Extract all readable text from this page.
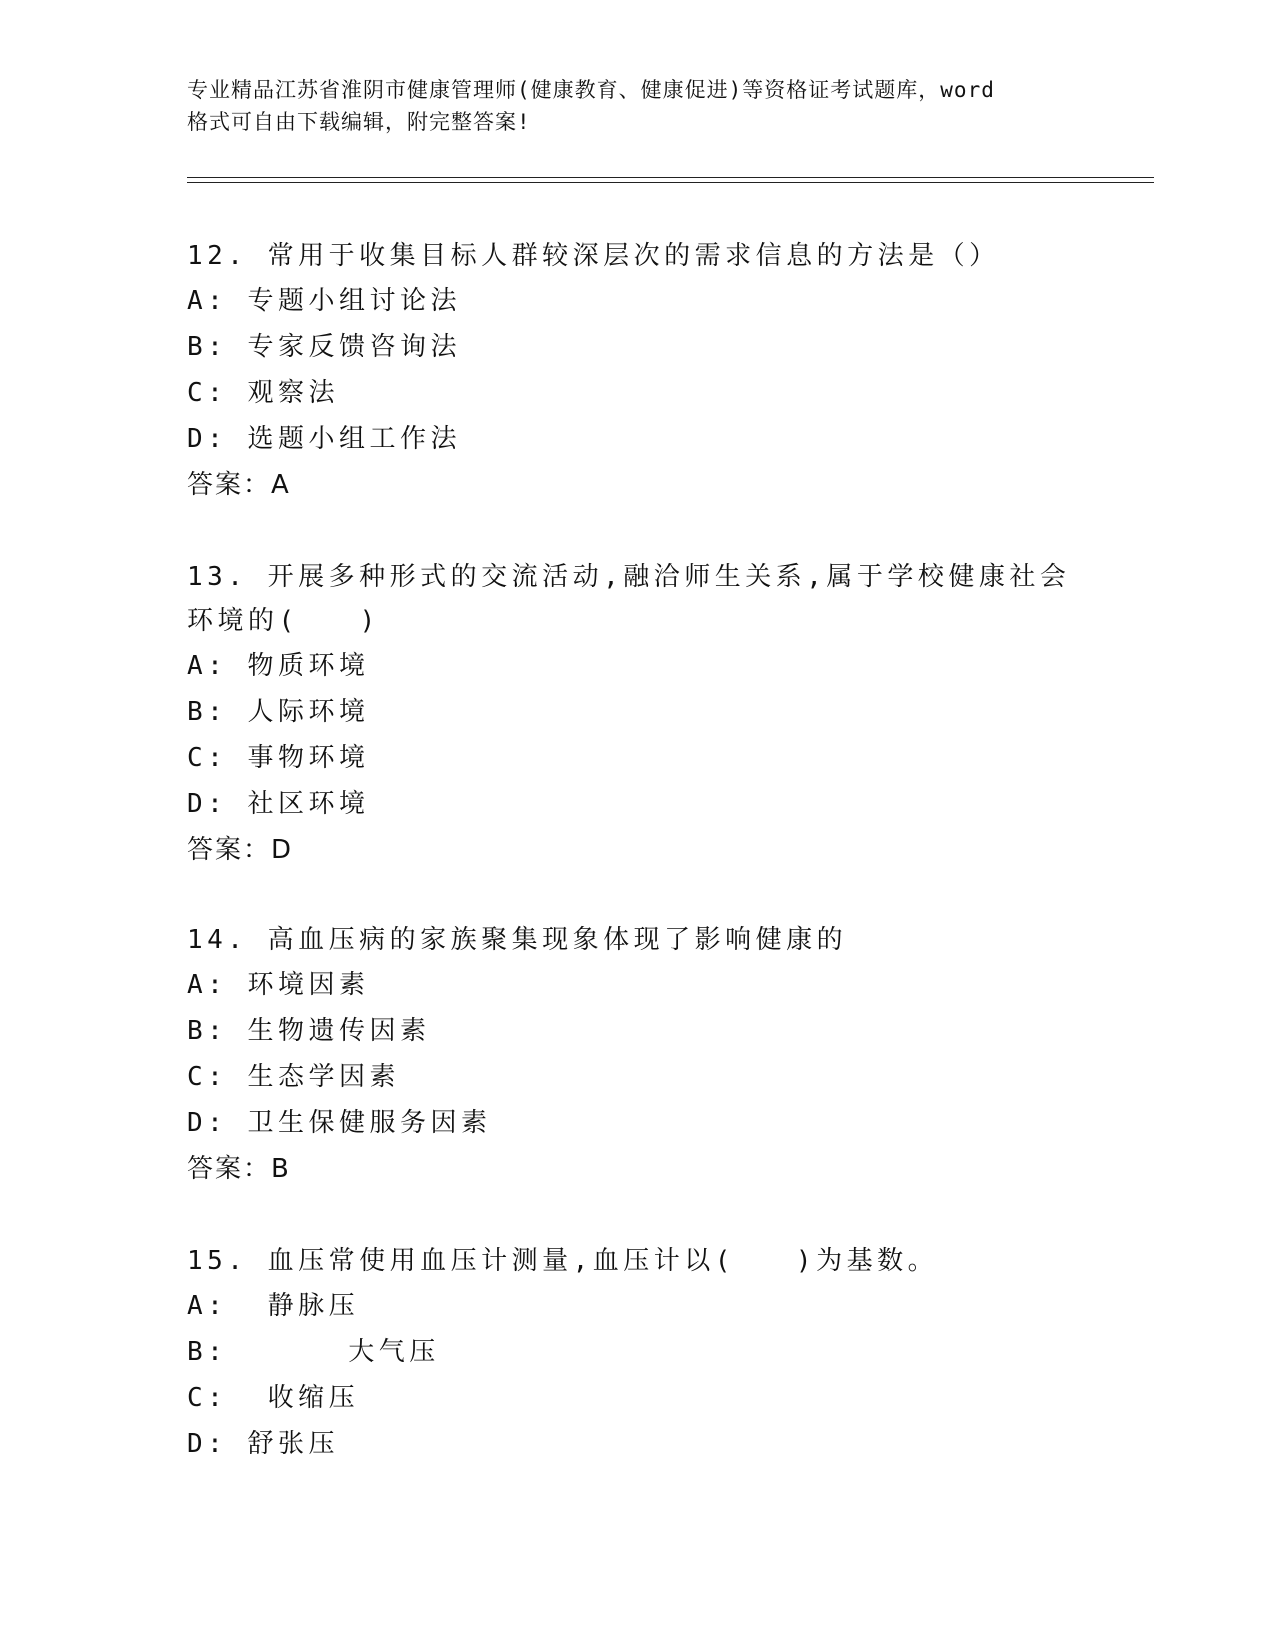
专业精品江苏省淮阴市健康管理师(健康教育、健康促进)等资格证考试题库，word
格式可自由下载编辑，附完整答案!
12. 常用于收集目标人群较深层次的需求信息的方法是（）
A: 专题小组讨论法
B: 专家反馈咨询法
C: 观察法
D: 选题小组工作法
答案：A
13. 开展多种形式的交流活动,融洽师生关系,属于学校健康社会环境的(　　)
A: 物质环境
B: 人际环境
C: 事物环境
D: 社区环境
答案：D
14. 高血压病的家族聚集现象体现了影响健康的
A: 环境因素
B: 生物遗传因素
C: 生态学因素
D: 卫生保健服务因素
答案：B
15. 血压常使用血压计测量,血压计以(　　)为基数。
A:  静脉压
B:      大气压
C:  收缩压
D: 舒张压
